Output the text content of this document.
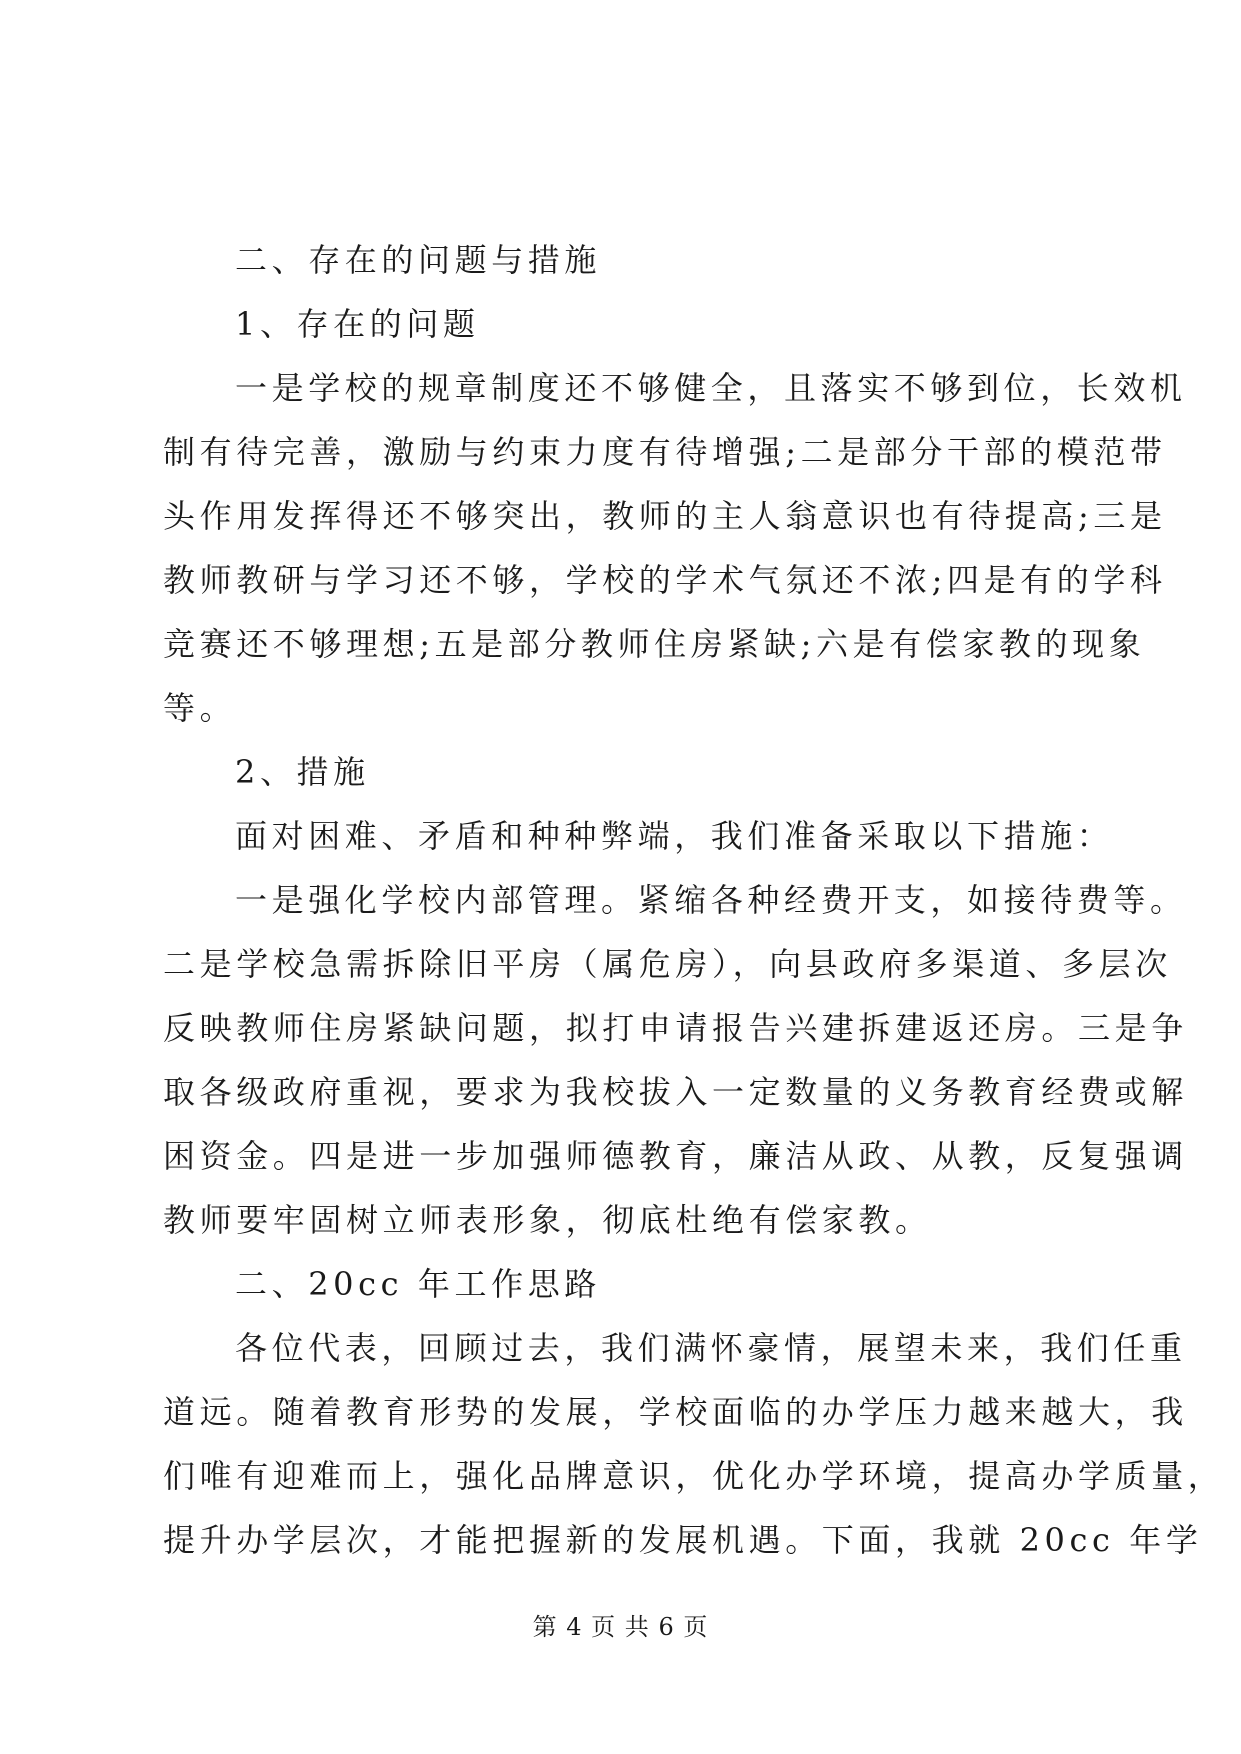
二、存在的问题与措施
1、存在的问题
一是学校的规章制度还不够健全，且落实不够到位，长效机
制有待完善，激励与约束力度有待增强;二是部分干部的模范带
头作用发挥得还不够突出，教师的主人翁意识也有待提高;三是
教师教研与学习还不够，学校的学术气氛还不浓;四是有的学科
竞赛还不够理想;五是部分教师住房紧缺;六是有偿家教的现象
等。
2、措施
面对困难、矛盾和种种弊端，我们准备采取以下措施：
一是强化学校内部管理。紧缩各种经费开支，如接待费等。
二是学校急需拆除旧平房（属危房），向县政府多渠道、多层次
反映教师住房紧缺问题，拟打申请报告兴建拆建返还房。三是争
取各级政府重视，要求为我校拔入一定数量的义务教育经费或解
困资金。四是进一步加强师德教育，廉洁从政、从教，反复强调
教师要牢固树立师表形象，彻底杜绝有偿家教。
二、20cc 年工作思路
各位代表，回顾过去，我们满怀豪情，展望未来，我们任重
道远。随着教育形势的发展，学校面临的办学压力越来越大，我
们唯有迎难而上，强化品牌意识，优化办学环境，提高办学质量，
提升办学层次，才能把握新的发展机遇。下面，我就 20cc 年学
第 4 页 共 6 页
